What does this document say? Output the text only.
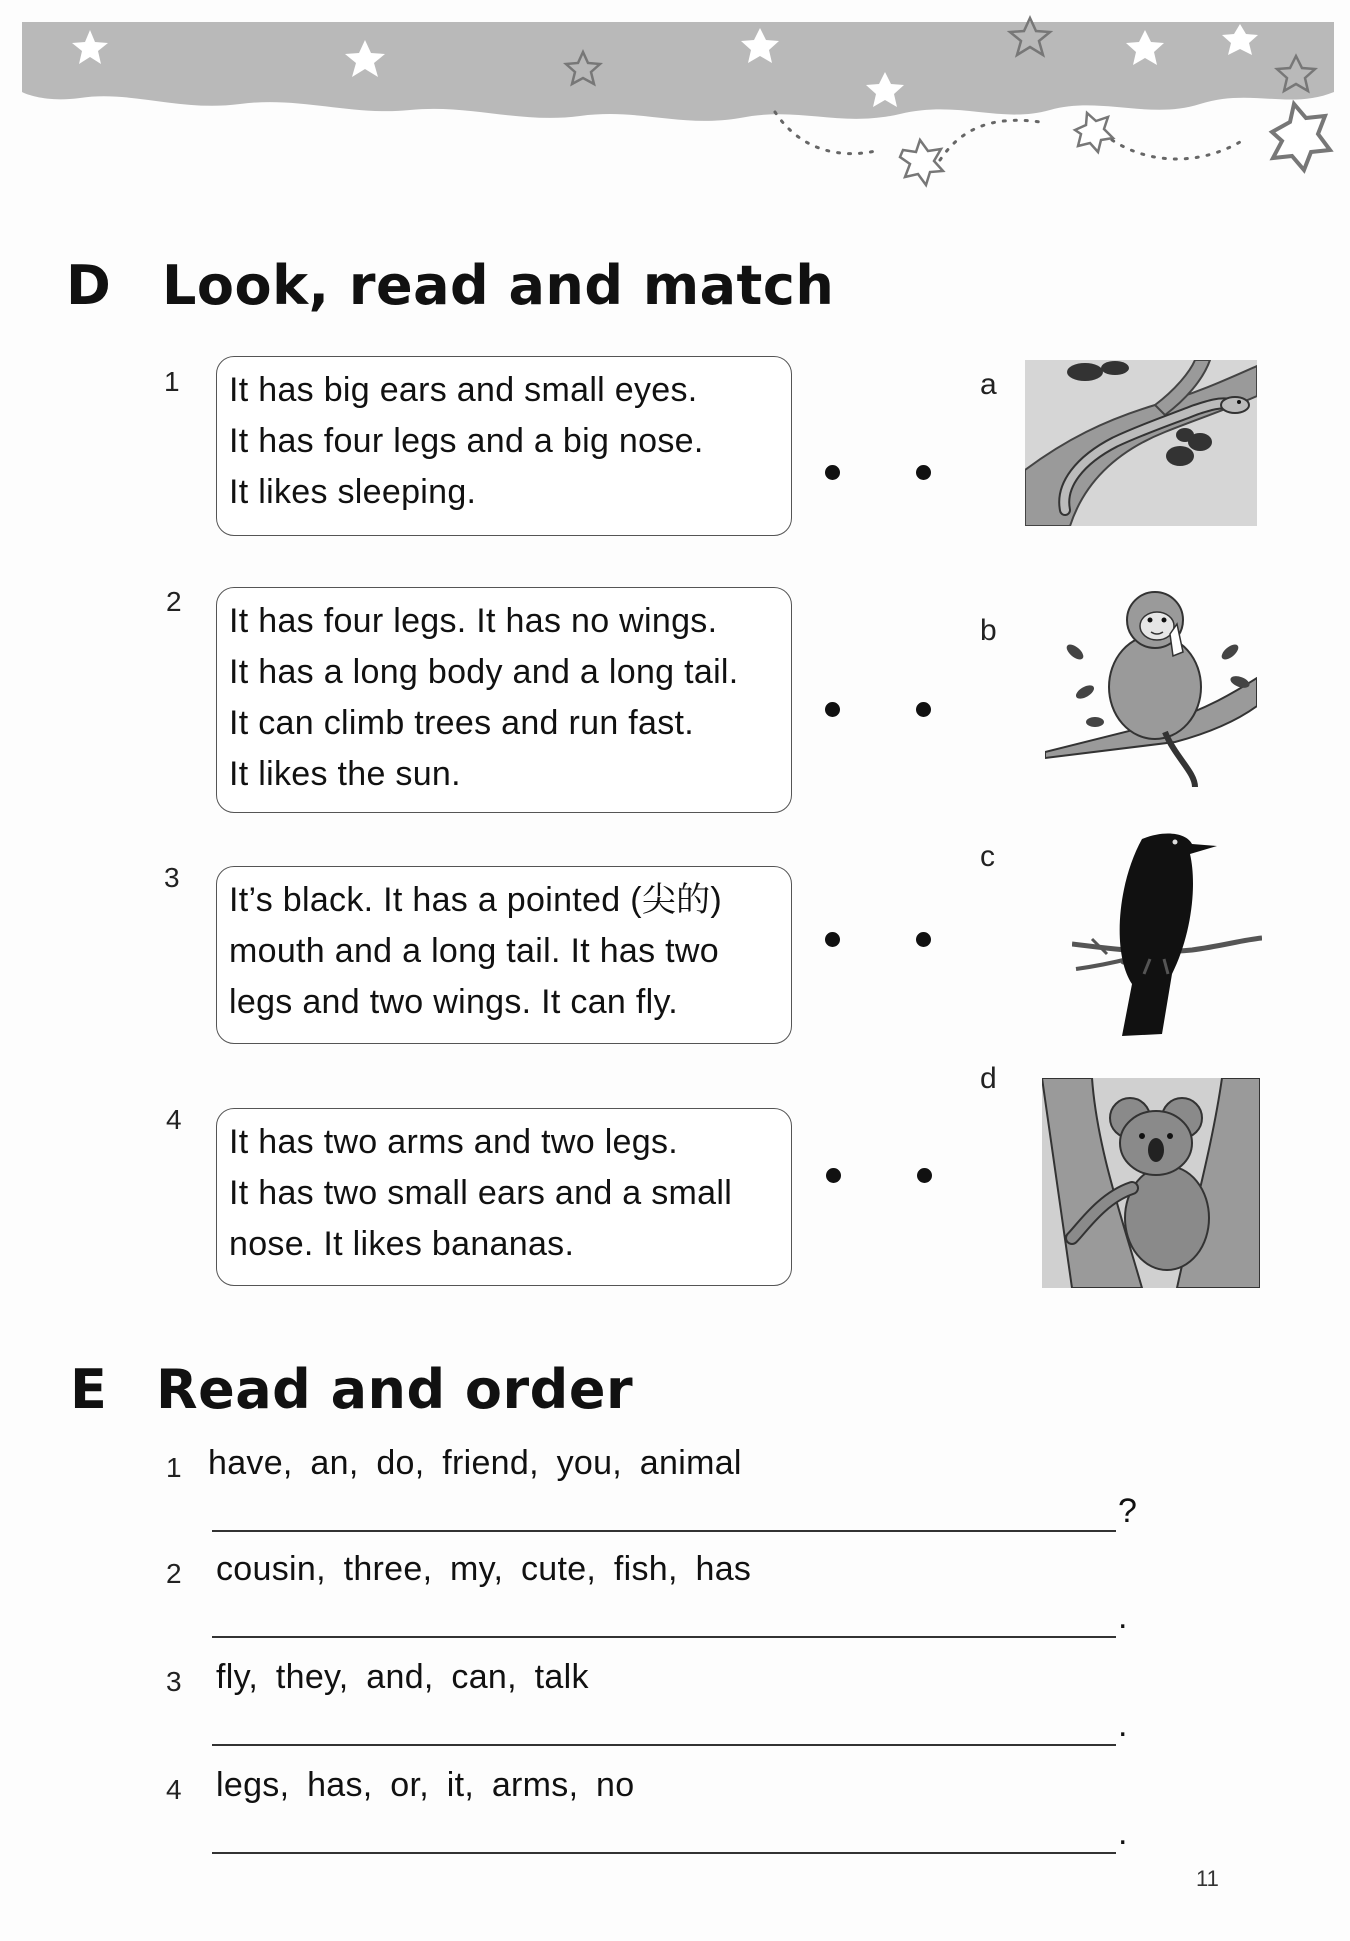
D Look, read and match
1 It has big ears and small eyes.
It has four legs and a big nose.
It likes sleeping.
2
It has four legs. It has no wings.
It has a long body and a long tail.
It can climb trees and run fast.
It likes the sun.
3
It’s black. It has a pointed (尖的)
mouth and a long tail. It has two
legs and two wings. It can fly.
4
It has two arms and two legs.
It has two small ears and a small
nose. It likes bananas.
a
b
c
d
E Read and order
1 have, an, do, friend, you, animal
?
2 cousin, three, my, cute, fish, has
.
3 fly, they, and, can, talk
.
4 legs, has, or, it, arms, no
.
11
